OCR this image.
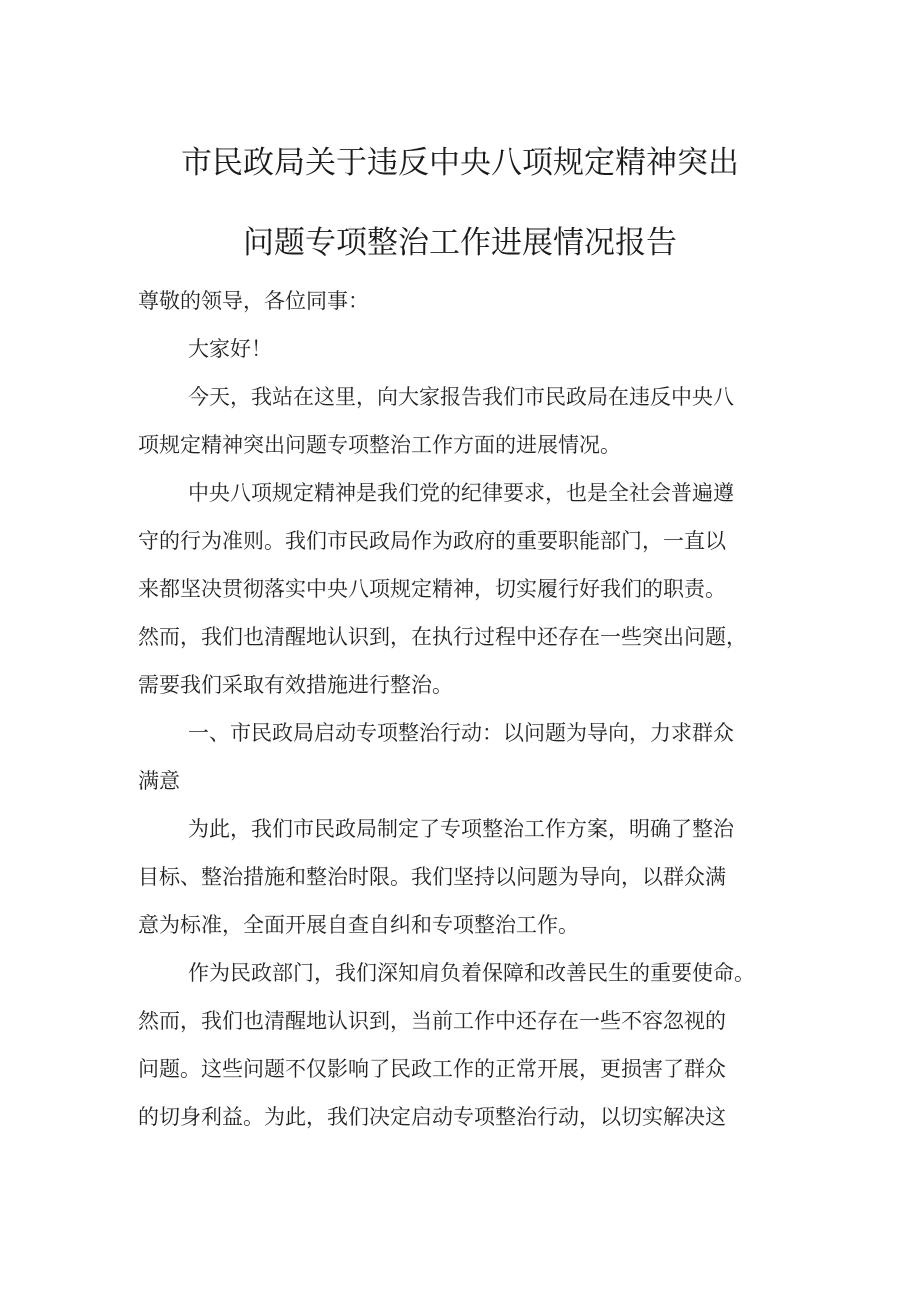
市民政局关于违反中央八项规定精神突出
问题专项整治工作进展情况报告
尊敬的领导，各位同事：
大家好！
今天，我站在这里，向大家报告我们市民政局在违反中央八
项规定精神突出问题专项整治工作方面的进展情况。
中央八项规定精神是我们党的纪律要求，也是全社会普遍遵
守的行为准则。我们市民政局作为政府的重要职能部门，一直以
来都坚决贯彻落实中央八项规定精神，切实履行好我们的职责。
然而，我们也清醒地认识到，在执行过程中还存在一些突出问题，
需要我们采取有效措施进行整治。
一、市民政局启动专项整治行动：以问题为导向，力求群众
满意
为此，我们市民政局制定了专项整治工作方案，明确了整治
目标、整治措施和整治时限。我们坚持以问题为导向，以群众满
意为标准，全面开展自查自纠和专项整治工作。
作为民政部门，我们深知肩负着保障和改善民生的重要使命。
然而，我们也清醒地认识到，当前工作中还存在一些不容忽视的
问题。这些问题不仅影响了民政工作的正常开展，更损害了群众
的切身利益。为此，我们决定启动专项整治行动，以切实解决这
